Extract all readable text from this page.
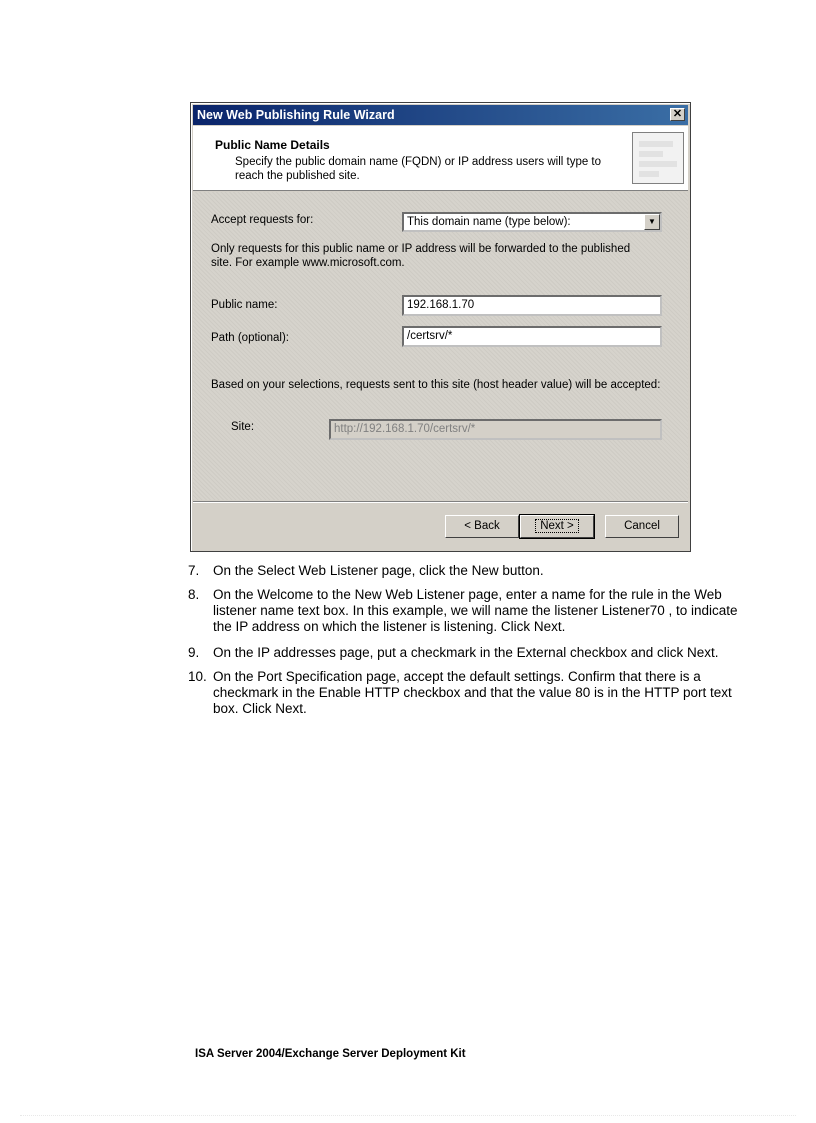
New Web Publishing Rule Wizard	✕
Public Name Details
Specify the public domain name (FQDN) or IP address users will type to reach the published site.
Accept requests for:	This domain name (type below):	▼
Only requests for this public name or IP address will be forwarded to the published site. For example www.microsoft.com.
Public name:	192.168.1.70
Path (optional):	/certsrv/*
Based on your selections, requests sent to this site (host header value) will be accepted:
Site:	http://192.168.1.70/certsrv/*
< Back	Next >	Cancel
7. On the Select Web Listener page, click the New button.
8. On the Welcome to the New Web Listener page, enter a name for the rule in the Web listener name text box. In this example, we will name the listener Listener70 , to indicate the IP address on which the listener is listening. Click Next.
9. On the IP addresses page, put a checkmark in the External checkbox and click Next.
10. On the Port Specification page, accept the default settings. Confirm that there is a checkmark in the Enable HTTP checkbox and that the value 80 is in the HTTP port text box. Click Next.
ISA Server 2004/Exchange Server Deployment Kit
